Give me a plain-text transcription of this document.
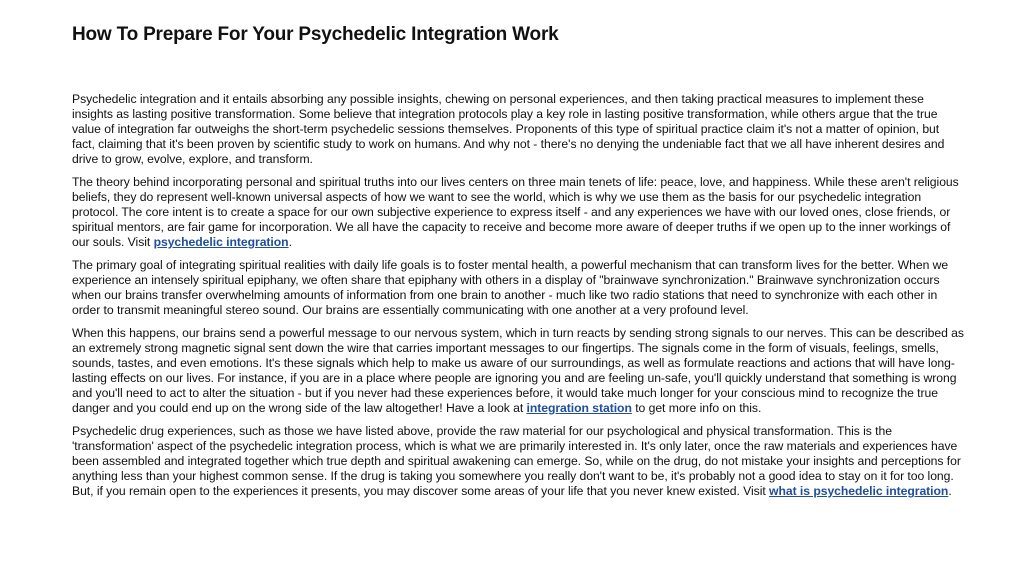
How To Prepare For Your Psychedelic Integration Work

Psychedelic integration and it entails absorbing any possible insights, chewing on personal experiences, and then taking practical measures to implement these insights as lasting positive transformation. Some believe that integration protocols play a key role in lasting positive transformation, while others argue that the true value of integration far outweighs the short-term psychedelic sessions themselves. Proponents of this type of spiritual practice claim it's not a matter of opinion, but fact, claiming that it's been proven by scientific study to work on humans. And why not - there's no denying the undeniable fact that we all have inherent desires and drive to grow, evolve, explore, and transform.

The theory behind incorporating personal and spiritual truths into our lives centers on three main tenets of life: peace, love, and happiness. While these aren't religious beliefs, they do represent well-known universal aspects of how we want to see the world, which is why we use them as the basis for our psychedelic integration protocol. The core intent is to create a space for our own subjective experience to express itself - and any experiences we have with our loved ones, close friends, or spiritual mentors, are fair game for incorporation. We all have the capacity to receive and become more aware of deeper truths if we open up to the inner workings of our souls. Visit psychedelic integration.

The primary goal of integrating spiritual realities with daily life goals is to foster mental health, a powerful mechanism that can transform lives for the better. When we experience an intensely spiritual epiphany, we often share that epiphany with others in a display of "brainwave synchronization." Brainwave synchronization occurs when our brains transfer overwhelming amounts of information from one brain to another - much like two radio stations that need to synchronize with each other in order to transmit meaningful stereo sound. Our brains are essentially communicating with one another at a very profound level.

When this happens, our brains send a powerful message to our nervous system, which in turn reacts by sending strong signals to our nerves. This can be described as an extremely strong magnetic signal sent down the wire that carries important messages to our fingertips. The signals come in the form of visuals, feelings, smells, sounds, tastes, and even emotions. It's these signals which help to make us aware of our surroundings, as well as formulate reactions and actions that will have long-lasting effects on our lives. For instance, if you are in a place where people are ignoring you and are feeling un-safe, you'll quickly understand that something is wrong and you'll need to act to alter the situation - but if you never had these experiences before, it would take much longer for your conscious mind to recognize the true danger and you could end up on the wrong side of the law altogether! Have a look at integration station to get more info on this.

Psychedelic drug experiences, such as those we have listed above, provide the raw material for our psychological and physical transformation. This is the 'transformation' aspect of the psychedelic integration process, which is what we are primarily interested in. It's only later, once the raw materials and experiences have been assembled and integrated together which true depth and spiritual awakening can emerge. So, while on the drug, do not mistake your insights and perceptions for anything less than your highest common sense. If the drug is taking you somewhere you really don't want to be, it's probably not a good idea to stay on it for too long. But, if you remain open to the experiences it presents, you may discover some areas of your life that you never knew existed. Visit what is psychedelic integration.
